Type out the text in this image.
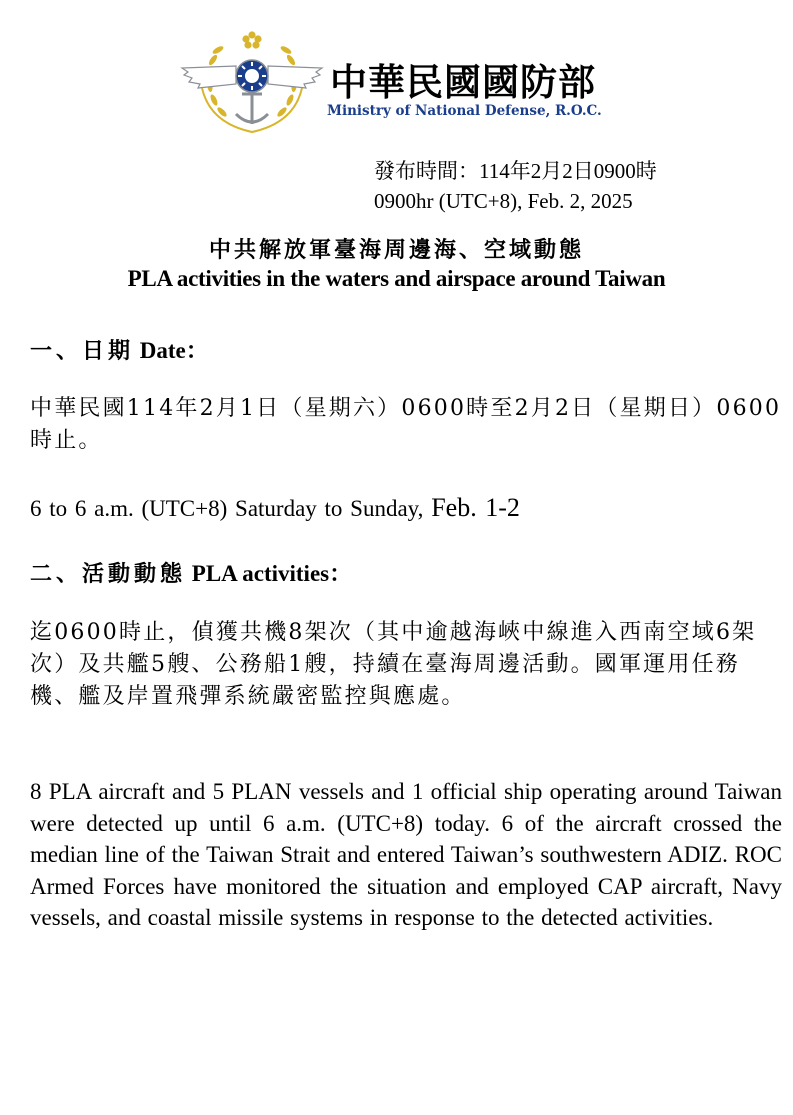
中華民國國防部
Ministry of National Defense, R.O.C.
發布時間：114年2月2日0900時
0900hr (UTC+8), Feb. 2, 2025
中共解放軍臺海周邊海、空域動態
PLA activities in the waters and airspace around Taiwan
一、日期 Date：
中華民國114年2月1日（星期六）0600時至2月2日（星期日）0600時止。
6 to 6 a.m. (UTC+8) Saturday to Sunday, Feb. 1-2
二、活動動態 PLA activities：
迄0600時止，偵獲共機8架次（其中逾越海峽中線進入西南空域6架次）及共艦5艘、公務船1艘，持續在臺海周邊活動。國軍運用任務機、艦及岸置飛彈系統嚴密監控與應處。
8 PLA aircraft and 5 PLAN vessels and 1 official ship operating around Taiwan were detected up until 6 a.m. (UTC+8) today. 6 of the aircraft crossed the median line of the Taiwan Strait and entered Taiwan’s southwestern ADIZ. ROC Armed Forces have monitored the situation and employed CAP aircraft, Navy vessels, and coastal missile systems in response to the detected activities.
